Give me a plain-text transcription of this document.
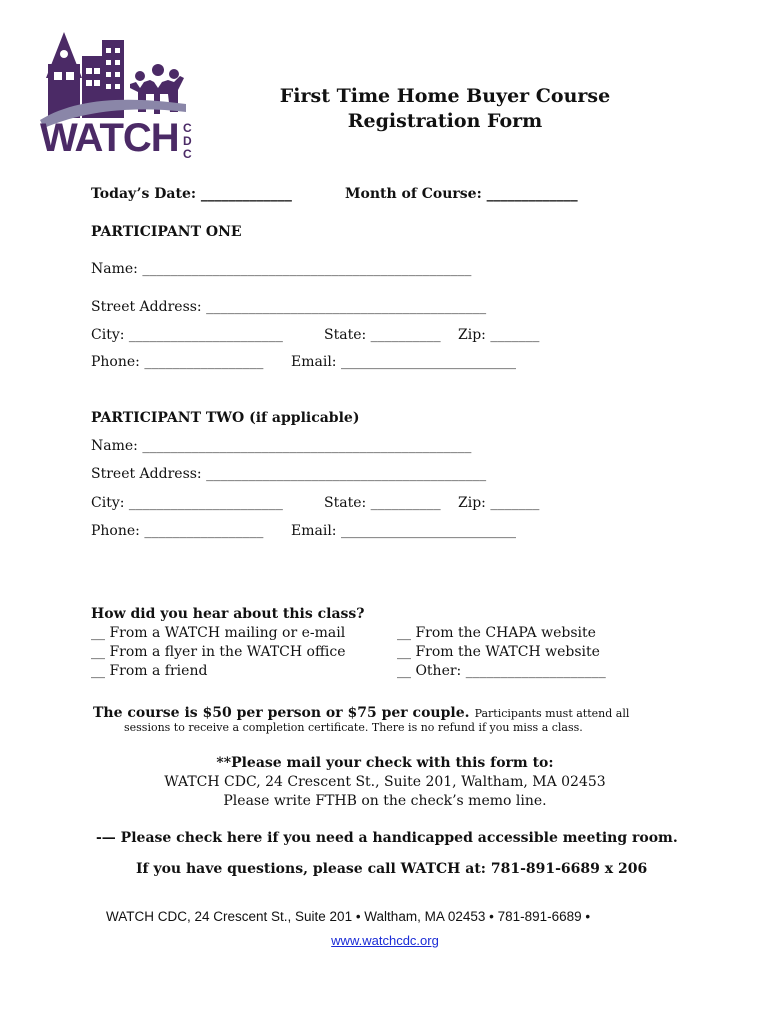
WATCH CDC
First Time Home Buyer Course
Registration Form
Today’s Date: _____________	Month of Course: _____________
PARTICIPANT ONE
Name: _______________________________________________
Street Address: ________________________________________
City: ______________________	State: __________ Zip: _______
Phone: _________________ Email: _________________________
PARTICIPANT TWO (if applicable)
Name: _______________________________________________
Street Address: ________________________________________
City: ______________________	State: __________ Zip: _______
Phone: _________________ Email: _________________________
How did you hear about this class?
__ From a WATCH mailing or e-mail
__ From a flyer in the WATCH office
__ From a friend
__ From the CHAPA website
__ From the WATCH website
__ Other: ____________________
The course is $50 per person or $75 per couple. Participants must attend all
sessions to receive a completion certificate. There is no refund if you miss a class.
**Please mail your check with this form to:
WATCH CDC, 24 Crescent St., Suite 201, Waltham, MA 02453
Please write FTHB on the check’s memo line.
-— Please check here if you need a handicapped accessible meeting room.
If you have questions, please call WATCH at: 781-891-6689 x 206
WATCH CDC, 24 Crescent St., Suite 201 • Waltham, MA 02453 • 781-891-6689 •
www.watchcdc.org
